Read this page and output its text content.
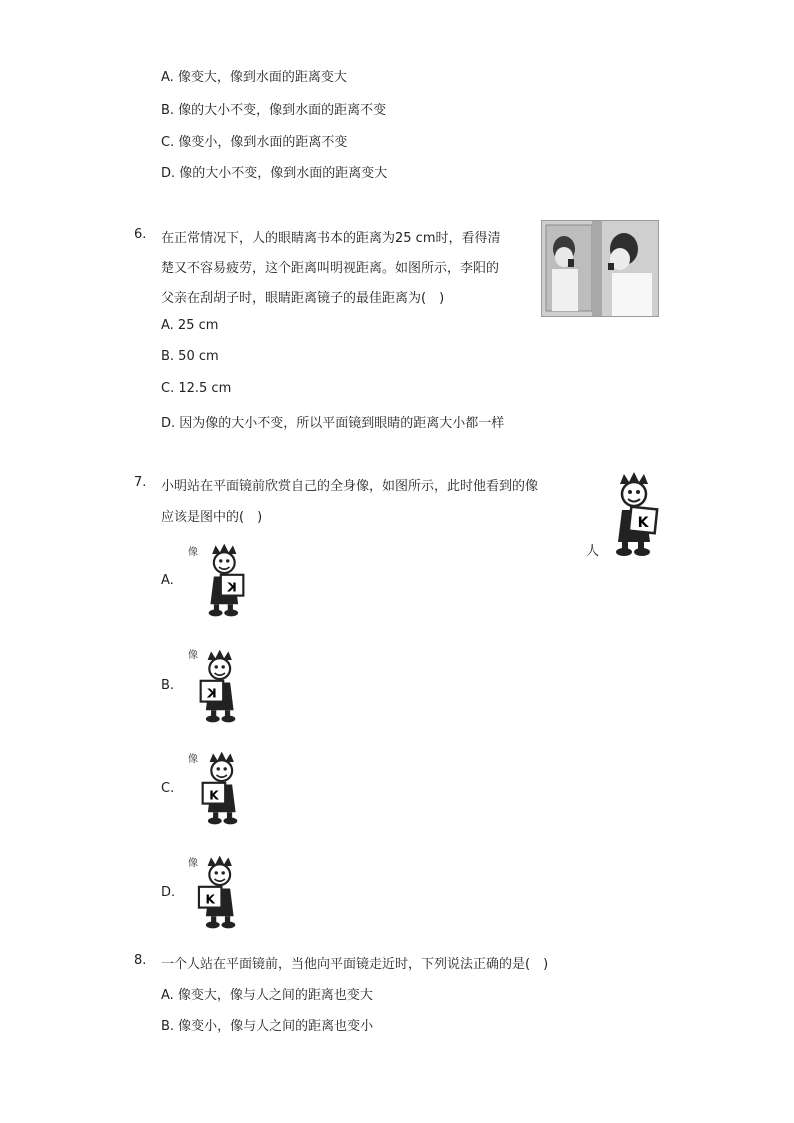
A. 像变大，像到水面的距离变大
B. 像的大小不变，像到水面的距离不变
C. 像变小，像到水面的距离不变
D. 像的大小不变，像到水面的距离变大
6. 在正常情况下，人的眼睛离书本的距离为25 cm时，看得清
楚又不容易疲劳，这个距离叫明视距离。如图所示，李阳的
父亲在刮胡子时，眼睛距离镜子的最佳距离为(　)
A. 25 cm
B. 50 cm
C. 12.5 cm
D. 因为像的大小不变，所以平面镜到眼睛的距离大小都一样
7. 小明站在平面镜前欣赏自己的全身像，如图所示，此时他看到的像
应该是图中的(　)	K
人
像
A.	K
像
B.
K
像
C.	K
像
D. K
8. 一个人站在平面镜前，当他向平面镜走近时，下列说法正确的是(　)
A. 像变大，像与人之间的距离也变大
B. 像变小，像与人之间的距离也变小
